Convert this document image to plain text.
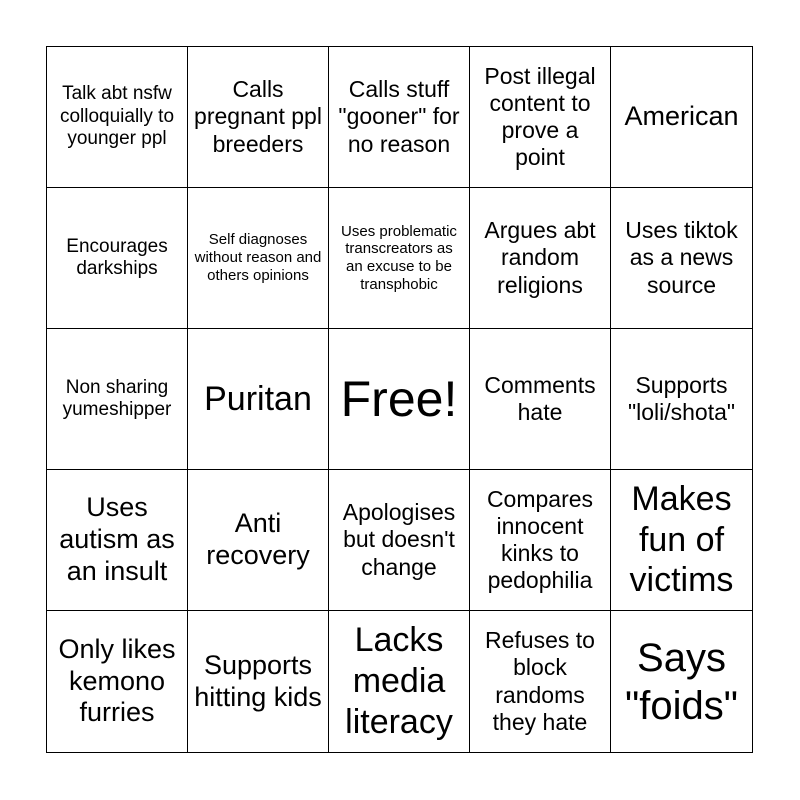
Talk abt nsfw colloquially to younger ppl
Calls pregnant ppl breeders
Calls stuff "gooner" for no reason
Post illegal content to prove a point
American
Encourages darkships
Self diagnoses without reason and others opinions
Uses problematic transcreators as an excuse to be transphobic
Argues abt random religions
Uses tiktok as a news source
Non sharing yumeshipper Puritan Free!	Comments hate
Supports "loli/shota"
Uses autism as an insult
Anti recovery
Apologises but doesn't change
Compares innocent kinks to pedophilia
Makes fun of victims
Only likes kemono furries
Supports hitting kids
Lacks media literacy
Refuses to block randoms they hate
Says "foids"
